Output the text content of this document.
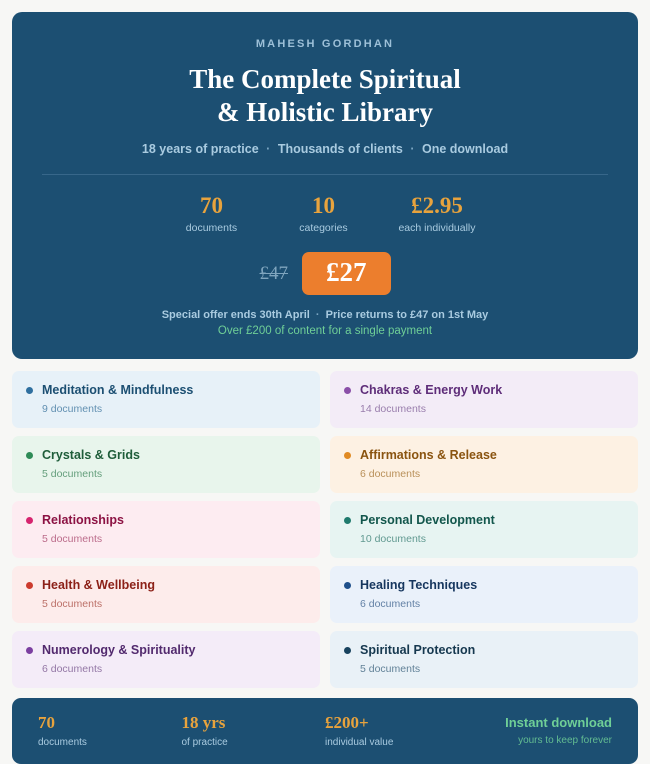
MAHESH GORDHAN
The Complete Spiritual
& Holistic Library
18 years of practice · Thousands of clients · One download
70
documents
10
categories
£2.95
each individually
£47	£27
Special offer ends 30th April · Price returns to £47 on 1st May
Over £200 of content for a single payment
Meditation & Mindfulness
9 documents
Chakras & Energy Work
14 documents
Crystals & Grids
5 documents
Affirmations & Release
6 documents
Relationships
5 documents
Personal Development
10 documents
Health & Wellbeing
5 documents
Healing Techniques
6 documents
Numerology & Spirituality
6 documents
Spiritual Protection
5 documents
70
documents
18 yrs
of practice
£200+
individual value
Instant download
yours to keep forever
